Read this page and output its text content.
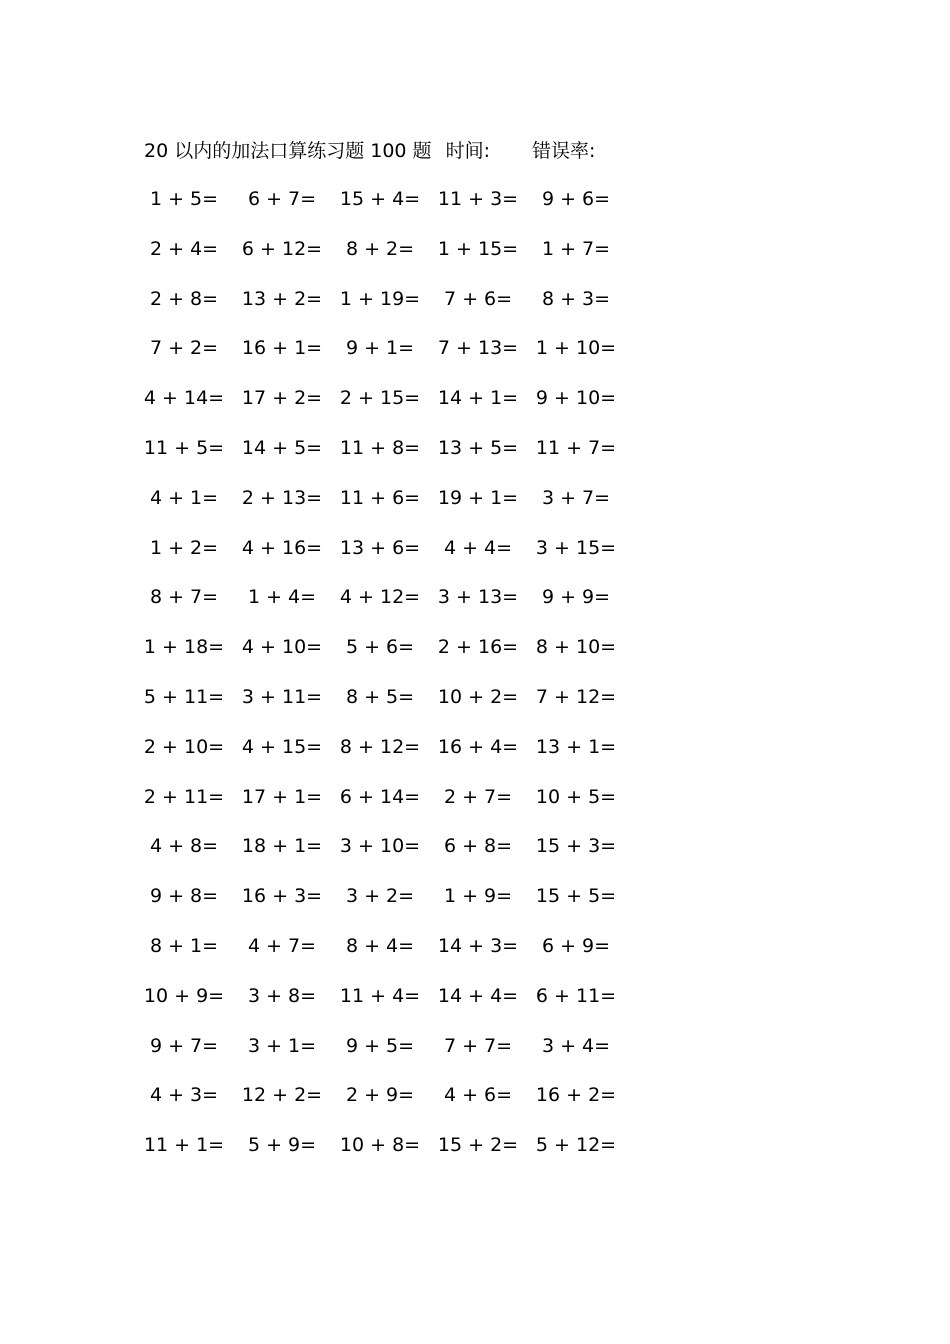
20 以内的加法口算练习题 100 题 时间: 错误率:
1 + 5=	6 + 7=	15 + 4= 11 + 3=	9 + 6=
2 + 4=	6 + 12=	8 + 2=	1 + 15=	1 + 7=
2 + 8=	13 + 2= 1 + 19=	7 + 6=	8 + 3=
7 + 2=	16 + 1=	9 + 1=	7 + 13= 1 + 10=
4 + 14= 17 + 2= 2 + 15= 14 + 1= 9 + 10=
11 + 5= 14 + 5= 11 + 8= 13 + 5= 11 + 7=
4 + 1=	2 + 13= 11 + 6= 19 + 1=	3 + 7=
1 + 2=	4 + 16= 13 + 6=	4 + 4=	3 + 15=
8 + 7=	1 + 4=	4 + 12= 3 + 13=	9 + 9=
1 + 18= 4 + 10=	5 + 6=	2 + 16= 8 + 10=
5 + 11= 3 + 11=	8 + 5=	10 + 2= 7 + 12=
2 + 10= 4 + 15= 8 + 12= 16 + 4= 13 + 1=
2 + 11= 17 + 1= 6 + 14=	2 + 7=	10 + 5=
4 + 8=	18 + 1= 3 + 10=	6 + 8=	15 + 3=
9 + 8=	16 + 3=	3 + 2=	1 + 9=	15 + 5=
8 + 1=	4 + 7=	8 + 4=	14 + 3=	6 + 9=
10 + 9=	3 + 8=	11 + 4= 14 + 4= 6 + 11=
9 + 7=	3 + 1=	9 + 5=	7 + 7=	3 + 4=
4 + 3=	12 + 2=	2 + 9=	4 + 6=	16 + 2=
11 + 1=	5 + 9=	10 + 8= 15 + 2= 5 + 12=
